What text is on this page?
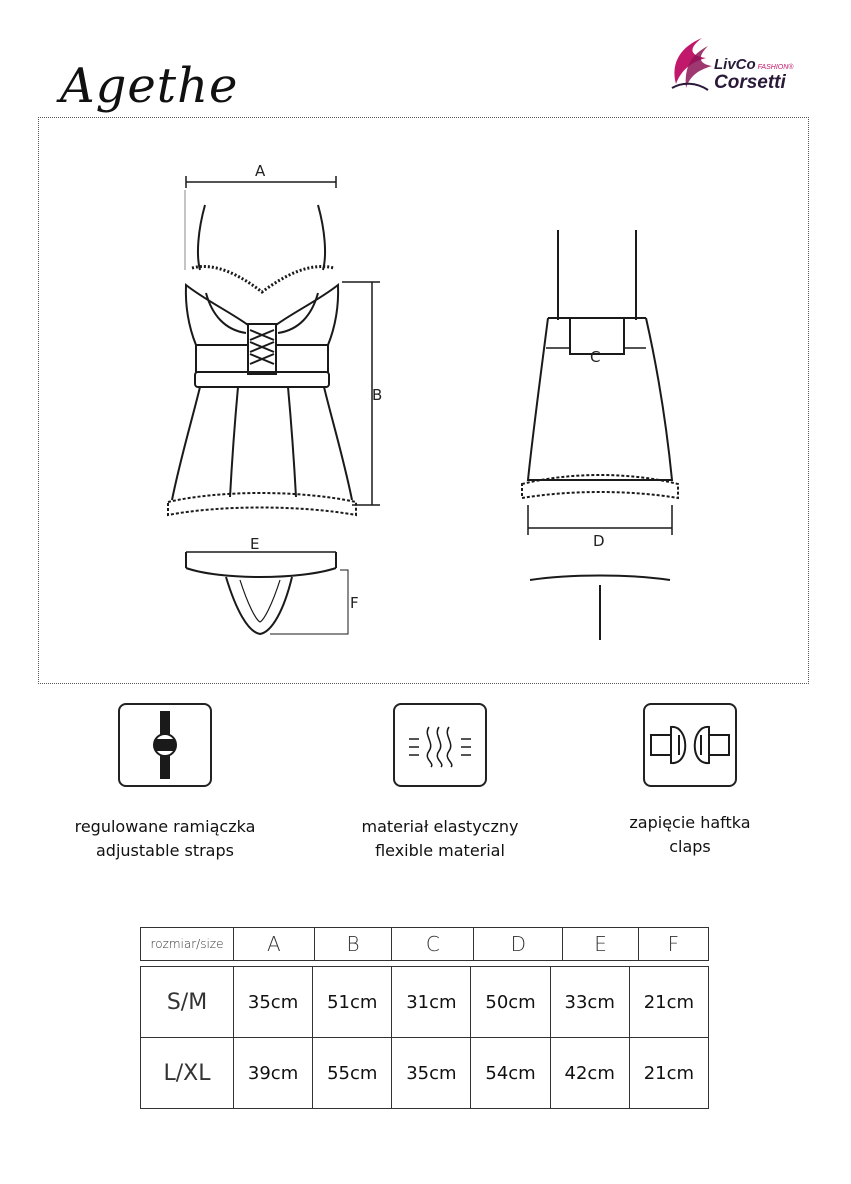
Agethe	LivCo FASHION®
Corsetti
A
B
C
D
E
F
regulowane ramiączka
adjustable straps
materiał elastyczny
flexible material
zapięcie haftka
claps
rozmiar/size	A	B	C	D	E	F
S/M	35cm	51cm	31cm	50cm	33cm	21cm
L/XL	39cm	55cm	35cm	54cm	42cm	21cm
